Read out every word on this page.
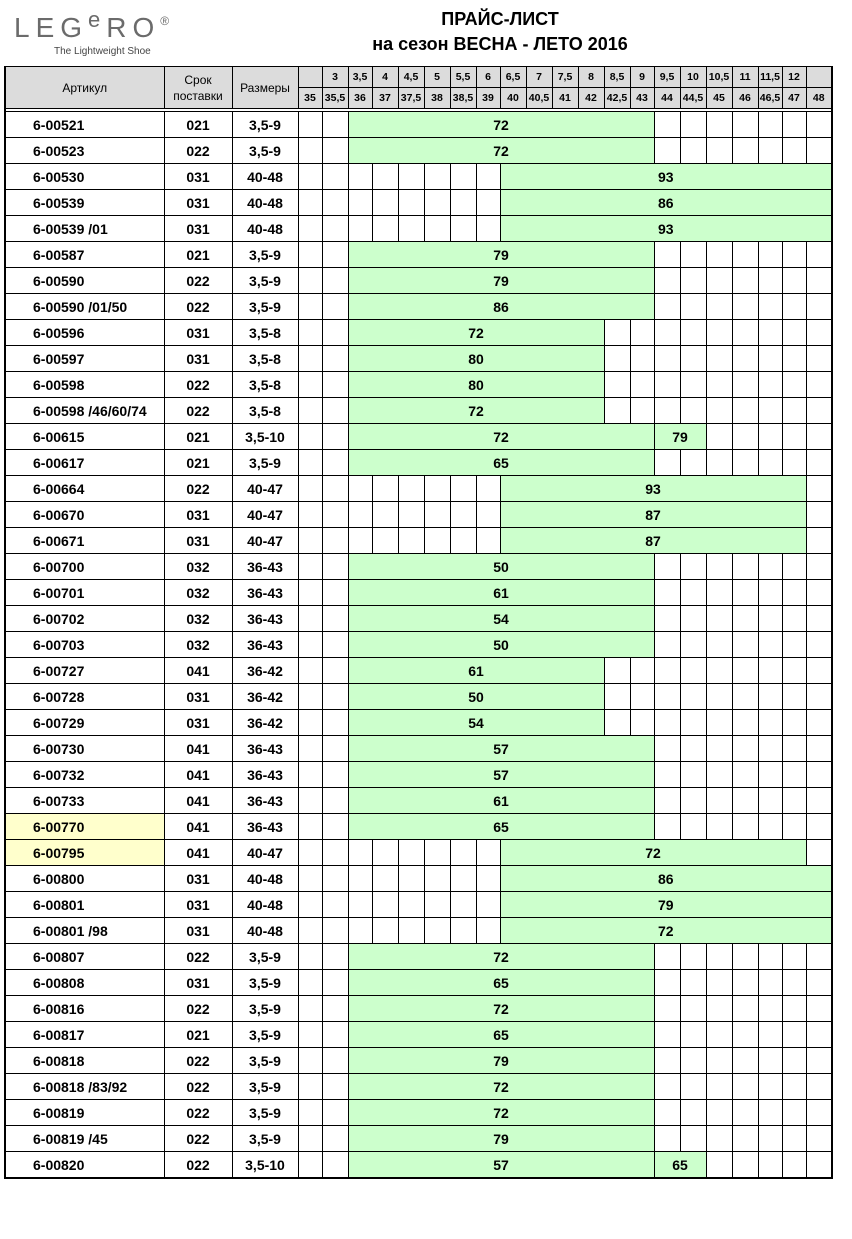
LEG$^e$RO®
The Lightweight Shoe
ПРАЙС-ЛИСТ
на сезон ВЕСНА - ЛЕТО 2016
Артикул	Срок поставки	Размеры		3	3,5	4	4,5	5	5,5	6	6,5	7	7,5	8	8,5	9	9,5	10	10,5	11	11,5	12	
			35	35,5	36	37	37,5	38	38,5	39	40	40,5	41	42	42,5	43	44	44,5	45	46	46,5	47	48

6-00521	021	3,5-9			72																		
6-00523	022	3,5-9			72																		
6-00530	031	40-48									93												
6-00539	031	40-48									86												
6-00539 /01	031	40-48									93												
6-00587	021	3,5-9			79																		
6-00590	022	3,5-9			79																		
6-00590 /01/50	022	3,5-9			86																		
6-00596	031	3,5-8			72																		
6-00597	031	3,5-8			80																		
6-00598	022	3,5-8			80																		
6-00598 /46/60/74	022	3,5-8			72																		
6-00615	021	3,5-10			72												79						
6-00617	021	3,5-9			65																		
6-00664	022	40-47									93												
6-00670	031	40-47									87												
6-00671	031	40-47									87												
6-00700	032	36-43			50																		
6-00701	032	36-43			61																		
6-00702	032	36-43			54																		
6-00703	032	36-43			50																		
6-00727	041	36-42			61																		
6-00728	031	36-42			50																		
6-00729	031	36-42			54																		
6-00730	041	36-43			57																		
6-00732	041	36-43			57																		
6-00733	041	36-43			61																		
6-00770	041	36-43			65																		
6-00795	041	40-47									72												
6-00800	031	40-48									86												
6-00801	031	40-48									79												
6-00801 /98	031	40-48									72												
6-00807	022	3,5-9			72																		
6-00808	031	3,5-9			65																		
6-00816	022	3,5-9			72																		
6-00817	021	3,5-9			65																		
6-00818	022	3,5-9			79																		
6-00818 /83/92	022	3,5-9			72																		
6-00819	022	3,5-9			72																		
6-00819 /45	022	3,5-9			79																		
6-00820	022	3,5-10			57												65						
